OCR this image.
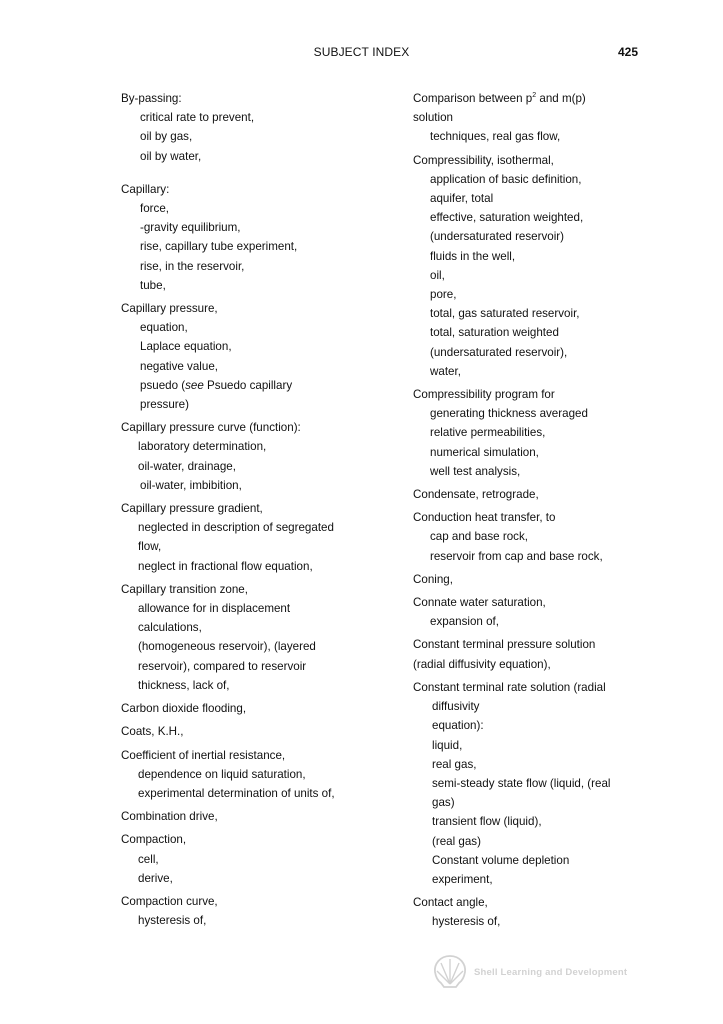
SUBJECT INDEX	425
By-passing:
critical rate to prevent,
oil by gas,
oil by water,
Capillary:
force,
-gravity equilibrium,
rise, capillary tube experiment,
rise, in the reservoir,
tube,
Capillary pressure,
equation,
Laplace equation,
negative value,
psuedo (see Psuedo capillary
pressure)
Capillary pressure curve (function):
laboratory determination,
oil-water, drainage,
oil-water, imbibition,
Capillary pressure gradient,
neglected in description of segregated
flow,
neglect in fractional flow equation,
Capillary transition zone,
allowance for in displacement
calculations,
(homogeneous reservoir), (layered
reservoir), compared to reservoir
thickness, lack of,
Carbon dioxide flooding,
Coats, K.H.,
Coefficient of inertial resistance,
dependence on liquid saturation,
experimental determination of units of,
Combination drive,
Compaction,
cell,
derive,
Compaction curve,
hysteresis of,
Comparison between $p^2$ and m(p)
solution
techniques, real gas flow,
Compressibility, isothermal,
application of basic definition,
aquifer, total
effective, saturation weighted,
(undersaturated reservoir)
fluids in the well,
oil,
pore,
total, gas saturated reservoir,
total, saturation weighted
(undersaturated reservoir),
water,
Compressibility program for
generating thickness averaged
relative permeabilities,
numerical simulation,
well test analysis,
Condensate, retrograde,
Conduction heat transfer, to
cap and base rock,
reservoir from cap and base rock,
Coning,
Connate water saturation,
expansion of,
Constant terminal pressure solution
(radial diffusivity equation),
Constant terminal rate solution (radial
diffusivity
equation):
liquid,
real gas,
semi-steady state flow (liquid, (real
gas)
transient flow (liquid),
(real gas)
Constant volume depletion
experiment,
Contact angle,
hysteresis of,
Shell Learning and Development
